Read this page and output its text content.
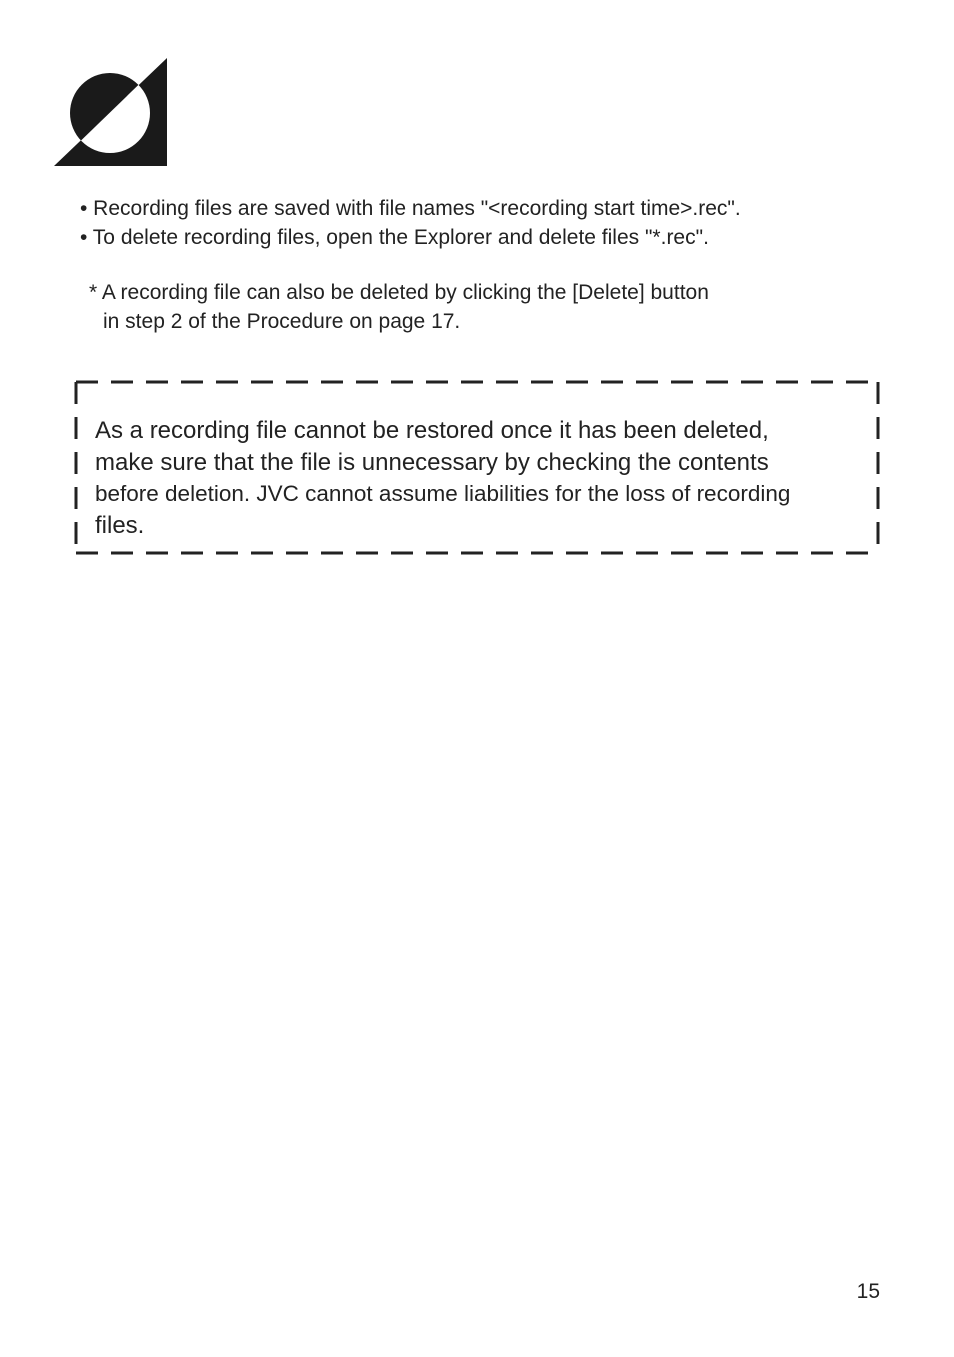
• Recording files are saved with file names "<recording start time>.rec".
• To delete recording files, open the Explorer and delete files "*.rec".
* A recording file can also be deleted by clicking the [Delete] button
in step 2 of the Procedure on page 17.
As a recording file cannot be restored once it has been deleted,
make sure that the file is unnecessary by checking the contents
before deletion. JVC cannot assume liabilities for the loss of recording
files.
15
